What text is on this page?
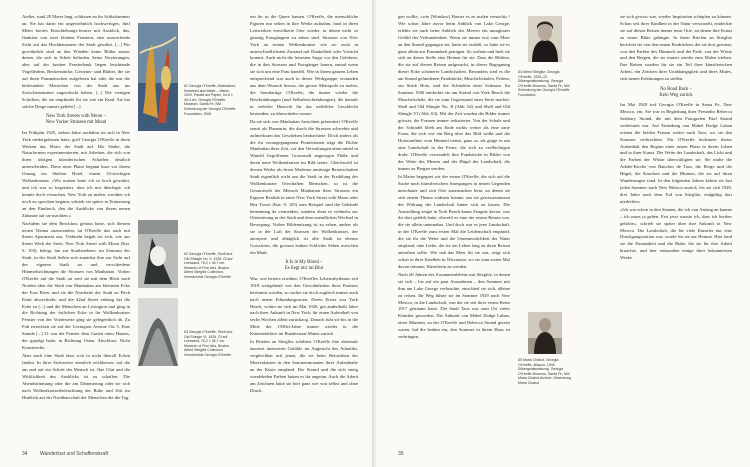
Atelier, rund 20 Meter lang, schlissen an ihr Schlafzimmer an. Sie hat darin ein ungewöhnlich hochwertiges, fünf Meter breites Einschiebungs-fenster mit Ausblick, das, flankiert von zwei kleinen Fenstern, eine umwerfende Sicht auf das Hochhausmeer der Stadt gewährt. [...] Für gewöhnlich sind an den Wänden keine Bilder ausser denen, die sich in Arbeit befinden, keine Verzierungen, aber auf der breiten Fensterbank liegen leuchtende Vogelfedern, Beckenstücke, Gesteins- und Blätter, die sie auf ihren Pausmärschen aufgelesen hat oder die mir die befreundete Menschen von der Stadt aus ins Zwischenzimmer zugeschickt haben. [...] Die wenigen Schriften, die sie empfindet für sie wie ein Kind. Sie hat solche Dinge immer geliebt [...].

New York Streets with Moon –
New Yorker Strassen mit Mond

Im Frühjahr 1925, sieben Jahre nachdem sie sich in New York niedergelassen hatte, griff Georgia O'Keeffe in ihren Werken das Motiv der Stadt auf. Die Städte, die Naturformen experimentierten, mit Arbeiten, die sich von ihren übrigen künstlerischen Schaffen deutlich unterscheiden. Diese neue Phase begann kurz vor ihrem Umzug ins Shelton Hotel, einem 34-stöckigen Wolkenkratzer. »Wir nutzen hatte ich so hoch gewohnt, und ich war so begeistert, dass ich mir überlegte, ich könnte doch versuchen, New York zu malen, worüber ich noch zu sprechen begann, schrieb sie später in Erinnerung an den Eindruck, den die Ausblicke von ihrem neuen Zuhause auf sie machten.«

Nachdem sie dem Beschluss gefasst hatte, sich diesem neuen Thema zuzuwenden, tat O'Keeffe das auch mit ihrem Apartment aus. Vielmehr begab sie sich, wie aus ihrem Werk der Serie, New York Street with Moon (Kat. S. 103), belegt, hin zur Straßenebene, im Zentrum der Stadt, in der Stadt ließen sich zunächst ihre zur Sicht auf der eigenen Stadt an und verschiedene Himmelsrichtungen die Strassen von Manhattan. Vorher O'Keeffe auf die Stadt an weil sie mit dem Blick nach Norden über die Stadt von Manhattan am kleinsten Ecke der East River und sie die Nordseite der Stadt zu Pitch Point abwechseln, und die 42nd Street entlang bei die Ecke zu [...] und die Menschen an Lexington und ging in die Richtung der östlichen Ecke in ihr Wolkenkratzer Fenster von der Vorderseite ging sie gelegentlich ab. Zu Fuß erreichten sie auf der Lexington Avenue Ost 5. Eine Stunde [...] 21 von der Fenster dem Garten eines Hauses, der geprägt hatte, in Richtung Osten. Abschluss. Nicht Kunstwerke.

Aber auch eine Stadt lässt sich in nicht überall Ecken finden. In ihrer Sichtweise ziemlich reichbesser, auf die am und auf ein Schritt der Mensch ist. Ihre Glut und die Wirklichkeit des Ausblicks ist zu schaffen. Die Abendstimmung oder die am Dämmerung oder sie sich nach Wolkenkratzerbeleuchtung der Ruhe und Zeit im Hinblick auf der Nachbarschaft der Menschen die die Tag.

61 Georgia O'Keeffe, Abstraction, Seaweed and Water – Maine, 1920. Pastell auf Papier, 54,6 × 46,4 cm. Georgia O'Keeffe Museum, Santa Fe, NM. Schenkung der Georgia O'Keeffe Foundation, 2006
62 Georgia O'Keeffe, Shell and Old Shingle No. II, 1926. Öl auf Leinwand, 76,2 × 45,7 cm. Museum of Fine Arts, Boston. Alfred Stieglitz Collection, Vermächtnis Georgia O'Keeffe
63 Georgia O'Keeffe, Shell and Old Shingle VI, 1926. Öl auf Leinwand, 76,2 × 45,7 cm. Museum of Fine Arts, Boston. Alfred Stieglitz Collection. Vermächtnis Georgia O'Keeffe

ten ihr in die Quere kamen. O'Keeffe, die menschliche Figuren nur selten in ihre Werke aufnahm, fand in ihren Leitwerken entvölkerte Orte wieder, in denen nicht so günstig Fussgängern zu sehen sind. Strassen von New York an seinen Wolkenkratzer wie sie auch in unterschiedlichsten Zustand mit Dunkelheit oder Vorsicht kommt. Auch nicht die leisesten Angst vor den Gefahren, die in den Strassen und Fussgänger lauern, zumal wenn sie sich um eine Frau handelt. Wie in ihrem ganzen Leben entsprechend war auch in dieser Werkgruppe, erstanden aus dem Wunsch heraus, die grosse Metropole zu malen, die fremdartige O'Keeffe, die immer wieder die Beschränkungen (und Selbstbeschränkungen), die damals in vielerlei Hinsicht für das weibliche Geschlecht bestanden, zu überwinden wusste.

Da sie sich von Manhattan Ansichten präsentiert O'Keeffe somit als Flaneurin, die durch die Strassen schwebte und aufmerksam das Geschehen beobachtete. Doch anders als die ihr vorangegangenen Pionierinnen trägt die Dichte Manhattan ihrer Zeit, vor den Verwaltungen einer mittel in Wandel begriffenen Grossstadt angesogen Flüße und deren neue Wolkenkratzer im Bild setzte. Gleichwohl ist dessen Werke als deren Moderne ansässige Bereitschaften Stadt eigentlich nicht um die Stadt in der Erzählung der Wolkenkratzer Ortschaften Menschen, so ist die Gesamtwelt der Mensch Manhattan ihrer Strassen ein Eigener Realität in einer New York Street with Moon oder Ritz Tower (Kat. S. 105) zum Beispiel sind die Gebäude benennung da vermeiden, sondern dient es vielmehr zur Orientierung in der Stadt und dem unendlichen Wechsel in Bewegung. Vorher Bildenutzung ist zu sehen, anders als sie in der Luft der Strassen der Wolkenkratzer, der anonyme und alltäglich ist alle Stadt ist ebenso Grossform, die grossen lenken Schlichte Sehen zwischen ein Mark.

It Is in My Blood –
Es liegt mir im Blut

War, wie bereits erwähnt, O'Keeffes Lebensrhythmus seit 1918 weitgehend von den Gewohnheiten ihres Partners bestimmt worden, so suchte sie doch zugleich immer auch nach neuen Erkundungsorten. Deren Erster war York Beach, wohin sie sich im Mai 1920, gut anderthalb Jahre nach ihrer Ankunft in New York, für einen Aufenthalt von sechs Wochen allein zurückzog. Danach fuhr sie bis in die Mitte der 1930er-Jahre immer wieder in die Küstenenklave im Bundesstaat Maine zurück.

In Briefen an Stieglitz schildert O'Keeffe ihre abermals äusserst intensiven Gefühle im Angesicht des Atlantiks, vergleichbar mit jenen, die sie beim Betrachten der Meeresküsten in den Sommermonaten ihrer Aufenthalte an der Küste empfand. Der Strand und die sich stetig wandelnden Farben hatten es ihr angetan. Auch die Arbeit am Zeichnen hätte sie hier ganz wie von selbst und ohne Druck.

34 Wanderlust und Schaffenskraft

gen wollte, »wie [Winslow] Homer es zu malen versucht«.¹ Wie schon Jahre zuvor beim Anblick von Lake George, erlebte sie auch beim Anblick des Meeres ein unsagbares Gefühl der Verbundenheit. Wenn sie immer erst vom Meer an den Strand gegangen sei, hatte sie erzählt, so habe sie es ganz allein aus Einsamkeit getragen. So wohnte und hielt sie sich an dieser Stelle eine Heimat für sie. Dass die Bildern, die sie auf diesen Reisen aufgesucht, in dieser Begegnung dieser Ecke schönerer Landschaften. Besonders sind es die am Strand gefundenen Fundstücke, Muschelschalen, Federn, ein Stück Holz, und die Schindeln einer Scheune. Im Sommer 1926 entdeckte sie am Strand von York Beach die Muschelschale, die sie zum Gegenstand einer Serie machte: Shell and Old Shingle No. II (Abb. 62) und Shell and Old Shingle VI (Abb. 63). Mit der Zeit wurden die Bilder immer grösser, die Formen immer reduzierter. Von der Schale und der Schindel blieb am Ende nichts weiter als eine zarte Form, die sich wie ein Berg über das Bild wölbt und die Horizontlinie vom Himmel trennt, ganz so, als ginge es um eine Landschaft in der Ferne, die sich zu verflüchtigen droht. O'Keeffe verwandelt ihre Fundstücke in Bilder von der Weite des Meeres und der Hügel der Landschaft, die immer zu Bergen werden.

In Maine begegnet wir der ersten O'Keeffe, die sich auf die Suche nach künstlerischen Anregungen in neuen Gegenden umschaute und sich Orte auszusuchen lernt, an denen sie sich einem Thema widmen konnte, um sie gewissermassen die Wirkung der Landschaft hinter sich zu lassen. Die Ausstellung zeigte in York Beach kaum Zeugnis davon, was ihr dort gefehlt hatte, obwohl es eine der ersten Reisen war, die sie allein unternahm. Und doch war es jene Landschaft, in der O'Keeffe zum ersten Mal die Leidenschaft empfand, die sie für die Weite und die Unermesslichkeit der Natur empfand, eine Liebe, die sie ein Leben lang zu ihren Reisen antreiben sollte. Wie nah das Meer für sie war, zeigt sich schon in ihrer Kindheit in Wisconsin, wo sie zum ersten Mal davon träumte, Künstlerin zu werden.

Nach elf Jahren des Zusammenlebens mit Stieglitz, in denen sie sich – bis auf ein paar Ausnahmen – den Sommer mit ihm am Lake George verbrachte, entschied sie sich, alleine zu reisen. Ihr Weg führte sie im Sommer 1929 nach New Mexico, in die Landschaft, von der sie seit ihrer ersten Reise 1917 geträumt hatte. Die Stadt Taos war zum Ort vieler Künstler geworden. Die Ankunft von Mabel Dodge Luhan, einer Mäzenin, zu der O'Keeffe und Rebecca Strand gereist waren, lud die beiden ein, den Sommer in ihrem Haus zu verbringen.

64 Alfred Stieglitz, Georgia O'Keeffe, 1920–22. Silbergelatineabzug. Georgia O'Keeffe Museum, Santa Fe, NM. Schenkung der Georgia O'Keeffe Foundation
65 Maria Chabot, Georgia O'Keeffe, Abiquiu, 1944. Silbergelatineabzug. Georgia O'Keeffe Museum, Santa Fe, NM. Maria Chabot Archive, Schenkung Maria Chabot

sie sich gewiss war, wieder Inspiration schöpfen zu können. Schon seit ihrer Kindheit in der Natur verwurzelt, entdeckte sie auf diesen Reisen immer neue Orte, an denen ihre Kunst zu neuer Blüte gelangte. In ihren Briefen an Stieglitz berichtet sie von den neuen Eindrücken, die sie dort gewann, von den Farben des Himmels und der Erde, von der Wüste und den Bergen, die sie immer wieder zum Malen trieben. Ihre Reisen wurden für sie ein Teil ihrer künstlerischen Arbeit, ein Zeichen ihrer Unabhängigkeit und ihres Mutes, sich neuen Erfahrungen zu stellen.

No Road Back –
Kein Weg zurück

Im Mai 1929 traf Georgia O'Keeffe in Santa Fe, New Mexico, ein. Sie war in Begleitung ihrer Freundin Rebecca Salsbury Strand, die mit dem Fotografen Paul Strand verheiratet war. Auf Einladung von Mabel Dodge Luhan reisten die beiden Frauen weiter nach Taos, wo sie den Sommer verbrachten. Für O'Keeffe bedeutete dieser Aufenthalt den Beginn einer neuen Phase in ihrem Leben und in ihrer Kunst. Die Weite der Landschaft, das Licht und die Farben der Wüste überwältigten sie. Sie malte die Adobe-Kirche von Ranchos de Taos, die Berge und die Hügel, die Knochen und die Blumen, die sie auf ihren Wanderungen fand. In den folgenden Jahren kehrte sie fast jeden Sommer nach New Mexico zurück, bis sie sich 1949, drei Jahre nach dem Tod von Stieglitz, endgültig dort niederliess.

»Ich war schon in den Staaten, die ich von Anfang an kannte – ich muss ja gehen. Erst jetzt wusste ich, dass ich hierher gehörte«, schrieb sie später über ihre Ankunft in New Mexico. Die Landschaft, die für viele Künstler nur eine Durchgangsstation war, wurde für sie zur Heimat. Hier fand sie die Einsamkeit und die Ruhe, die sie für ihre Arbeit brauchte, und hier entstanden einige ihrer bekanntesten Werke.

35
